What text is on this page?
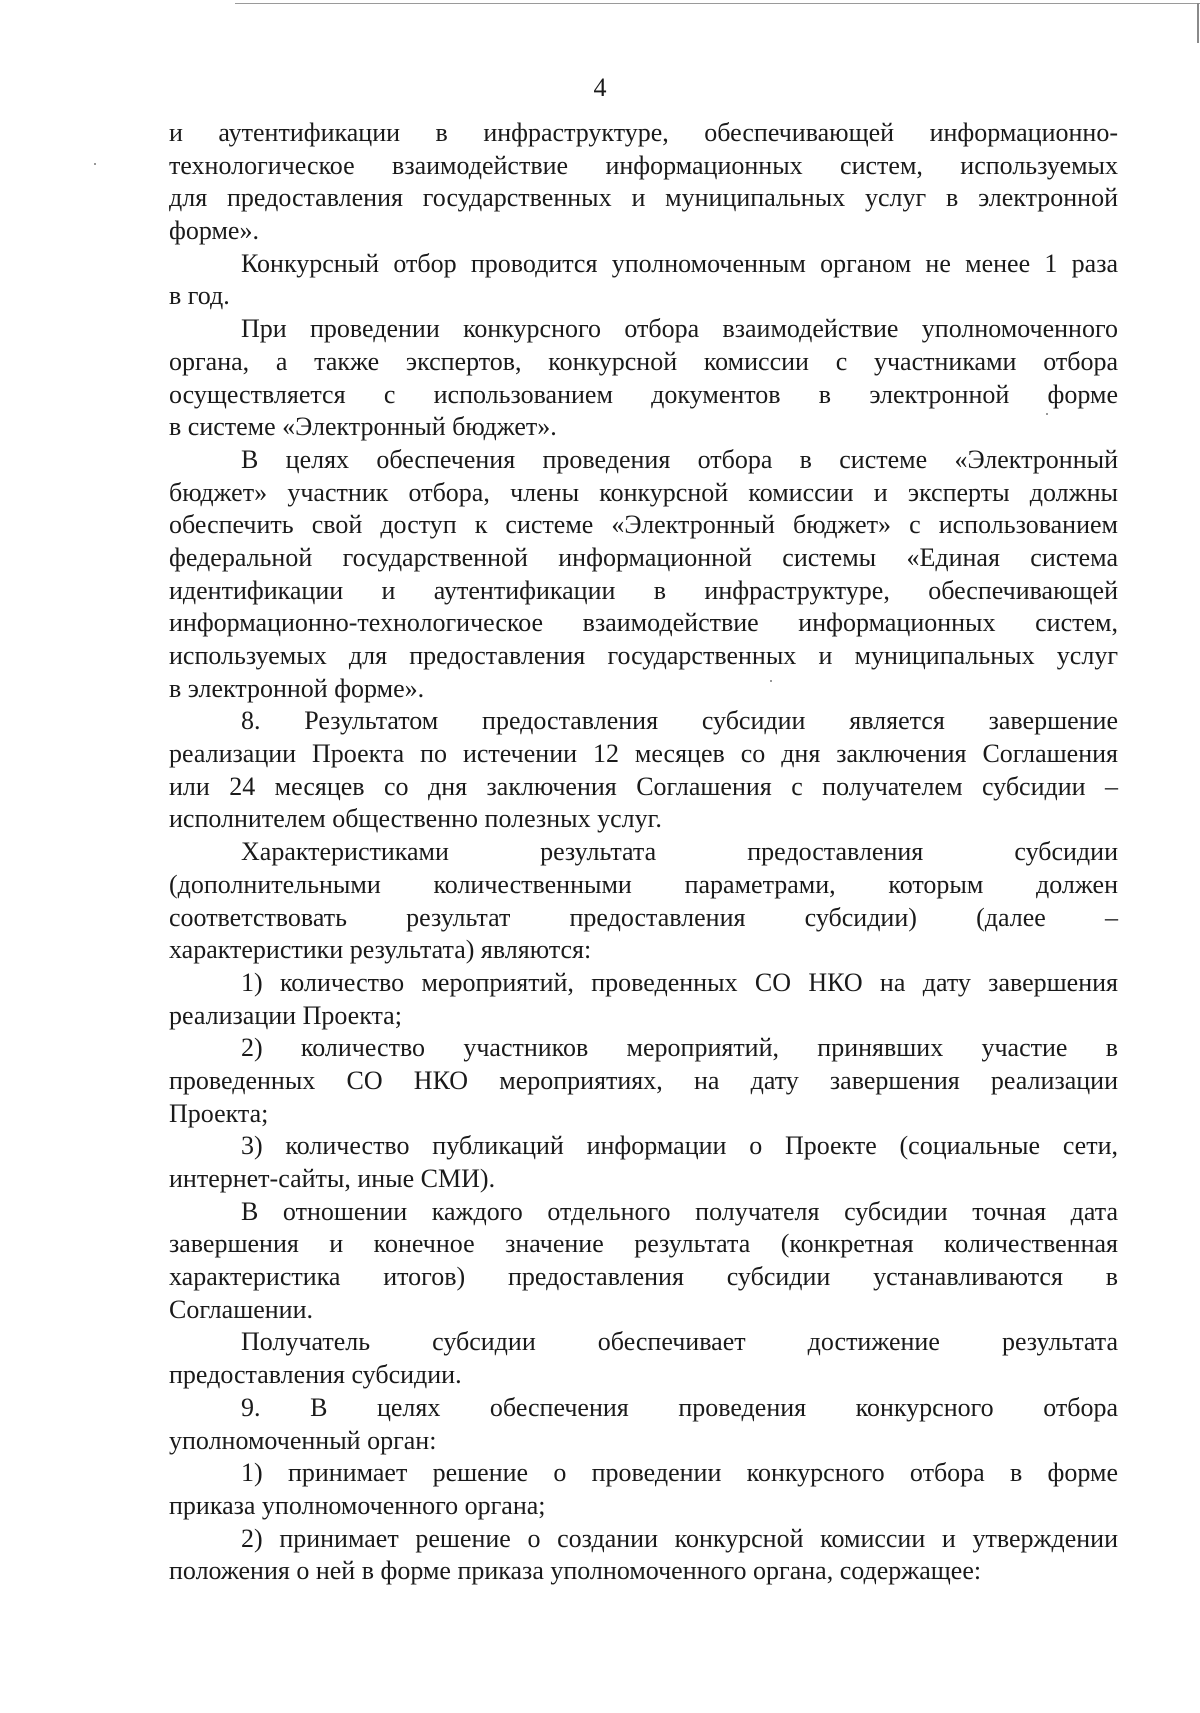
4
и аутентификации в инфраструктуре, обеспечивающей информационно-
технологическое взаимодействие информационных систем, используемых
для предоставления государственных и муниципальных услуг в электронной
форме».
Конкурсный отбор проводится уполномоченным органом не менее 1 раза
в год.
При проведении конкурсного отбора взаимодействие уполномоченного
органа, а также экспертов, конкурсной комиссии с участниками отбора
осуществляется с использованием документов в электронной форме
в системе «Электронный бюджет».
В целях обеспечения проведения отбора в системе «Электронный
бюджет» участник отбора, члены конкурсной комиссии и эксперты должны
обеспечить свой доступ к системе «Электронный бюджет» с использованием
федеральной государственной информационной системы «Единая система
идентификации и аутентификации в инфраструктуре, обеспечивающей
информационно-технологическое взаимодействие информационных систем,
используемых для предоставления государственных и муниципальных услуг
в электронной форме».
8. Результатом предоставления субсидии является завершение
реализации Проекта по истечении 12 месяцев со дня заключения Соглашения
или 24 месяцев со дня заключения Соглашения с получателем субсидии –
исполнителем общественно полезных услуг.
Характеристиками результата предоставления субсидии
(дополнительными количественными параметрами, которым должен
соответствовать результат предоставления субсидии) (далее –
характеристики результата) являются:
1) количество мероприятий, проведенных СО НКО на дату завершения
реализации Проекта;
2) количество участников мероприятий, принявших участие в
проведенных СО НКО мероприятиях, на дату завершения реализации
Проекта;
3) количество публикаций информации о Проекте (социальные сети,
интернет-сайты, иные СМИ).
В отношении каждого отдельного получателя субсидии точная дата
завершения и конечное значение результата (конкретная количественная
характеристика итогов) предоставления субсидии устанавливаются в
Соглашении.
Получатель субсидии обеспечивает достижение результата
предоставления субсидии.
9. В целях обеспечения проведения конкурсного отбора
уполномоченный орган:
1) принимает решение о проведении конкурсного отбора в форме
приказа уполномоченного органа;
2) принимает решение о создании конкурсной комиссии и утверждении
положения о ней в форме приказа уполномоченного органа, содержащее:
